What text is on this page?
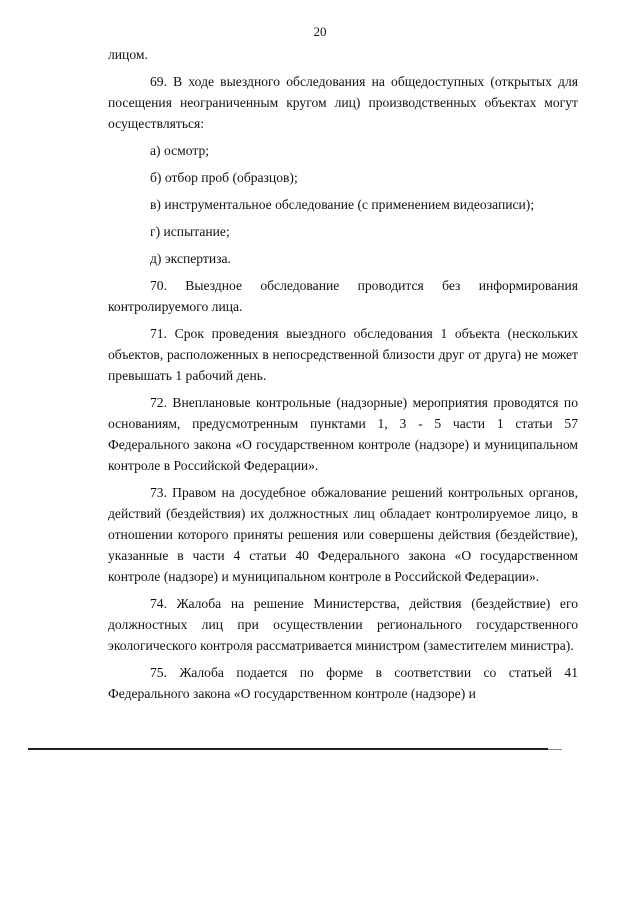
20

лицом.

69. В ходе выездного обследования на общедоступных (открытых для посещения неограниченным кругом лиц) производственных объектах могут осуществляться:

а) осмотр;

б) отбор проб (образцов);

в) инструментальное обследование (с применением видеозаписи);

г) испытание;

д) экспертиза.

70. Выездное обследование проводится без информирования контролируемого лица.

71. Срок проведения выездного обследования 1 объекта (нескольких объектов, расположенных в непосредственной близости друг от друга) не может превышать 1 рабочий день.

72. Внеплановые контрольные (надзорные) мероприятия проводятся по основаниям, предусмотренным пунктами 1, 3 - 5 части 1 статьи 57 Федерального закона «О государственном контроле (надзоре) и муниципальном контроле в Российской Федерации».

73. Правом на досудебное обжалование решений контрольных органов, действий (бездействия) их должностных лиц обладает контролируемое лицо, в отношении которого приняты решения или совершены действия (бездействие), указанные в части 4 статьи 40 Федерального закона «О государственном контроле (надзоре) и муниципальном контроле в Российской Федерации».

74. Жалоба на решение Министерства, действия (бездействие) его должностных лиц при осуществлении регионального государственного экологического контроля рассматривается министром (заместителем министра).

75. Жалоба подается по форме в соответствии со статьей 41 Федерального закона «О государственном контроле (надзоре) и
